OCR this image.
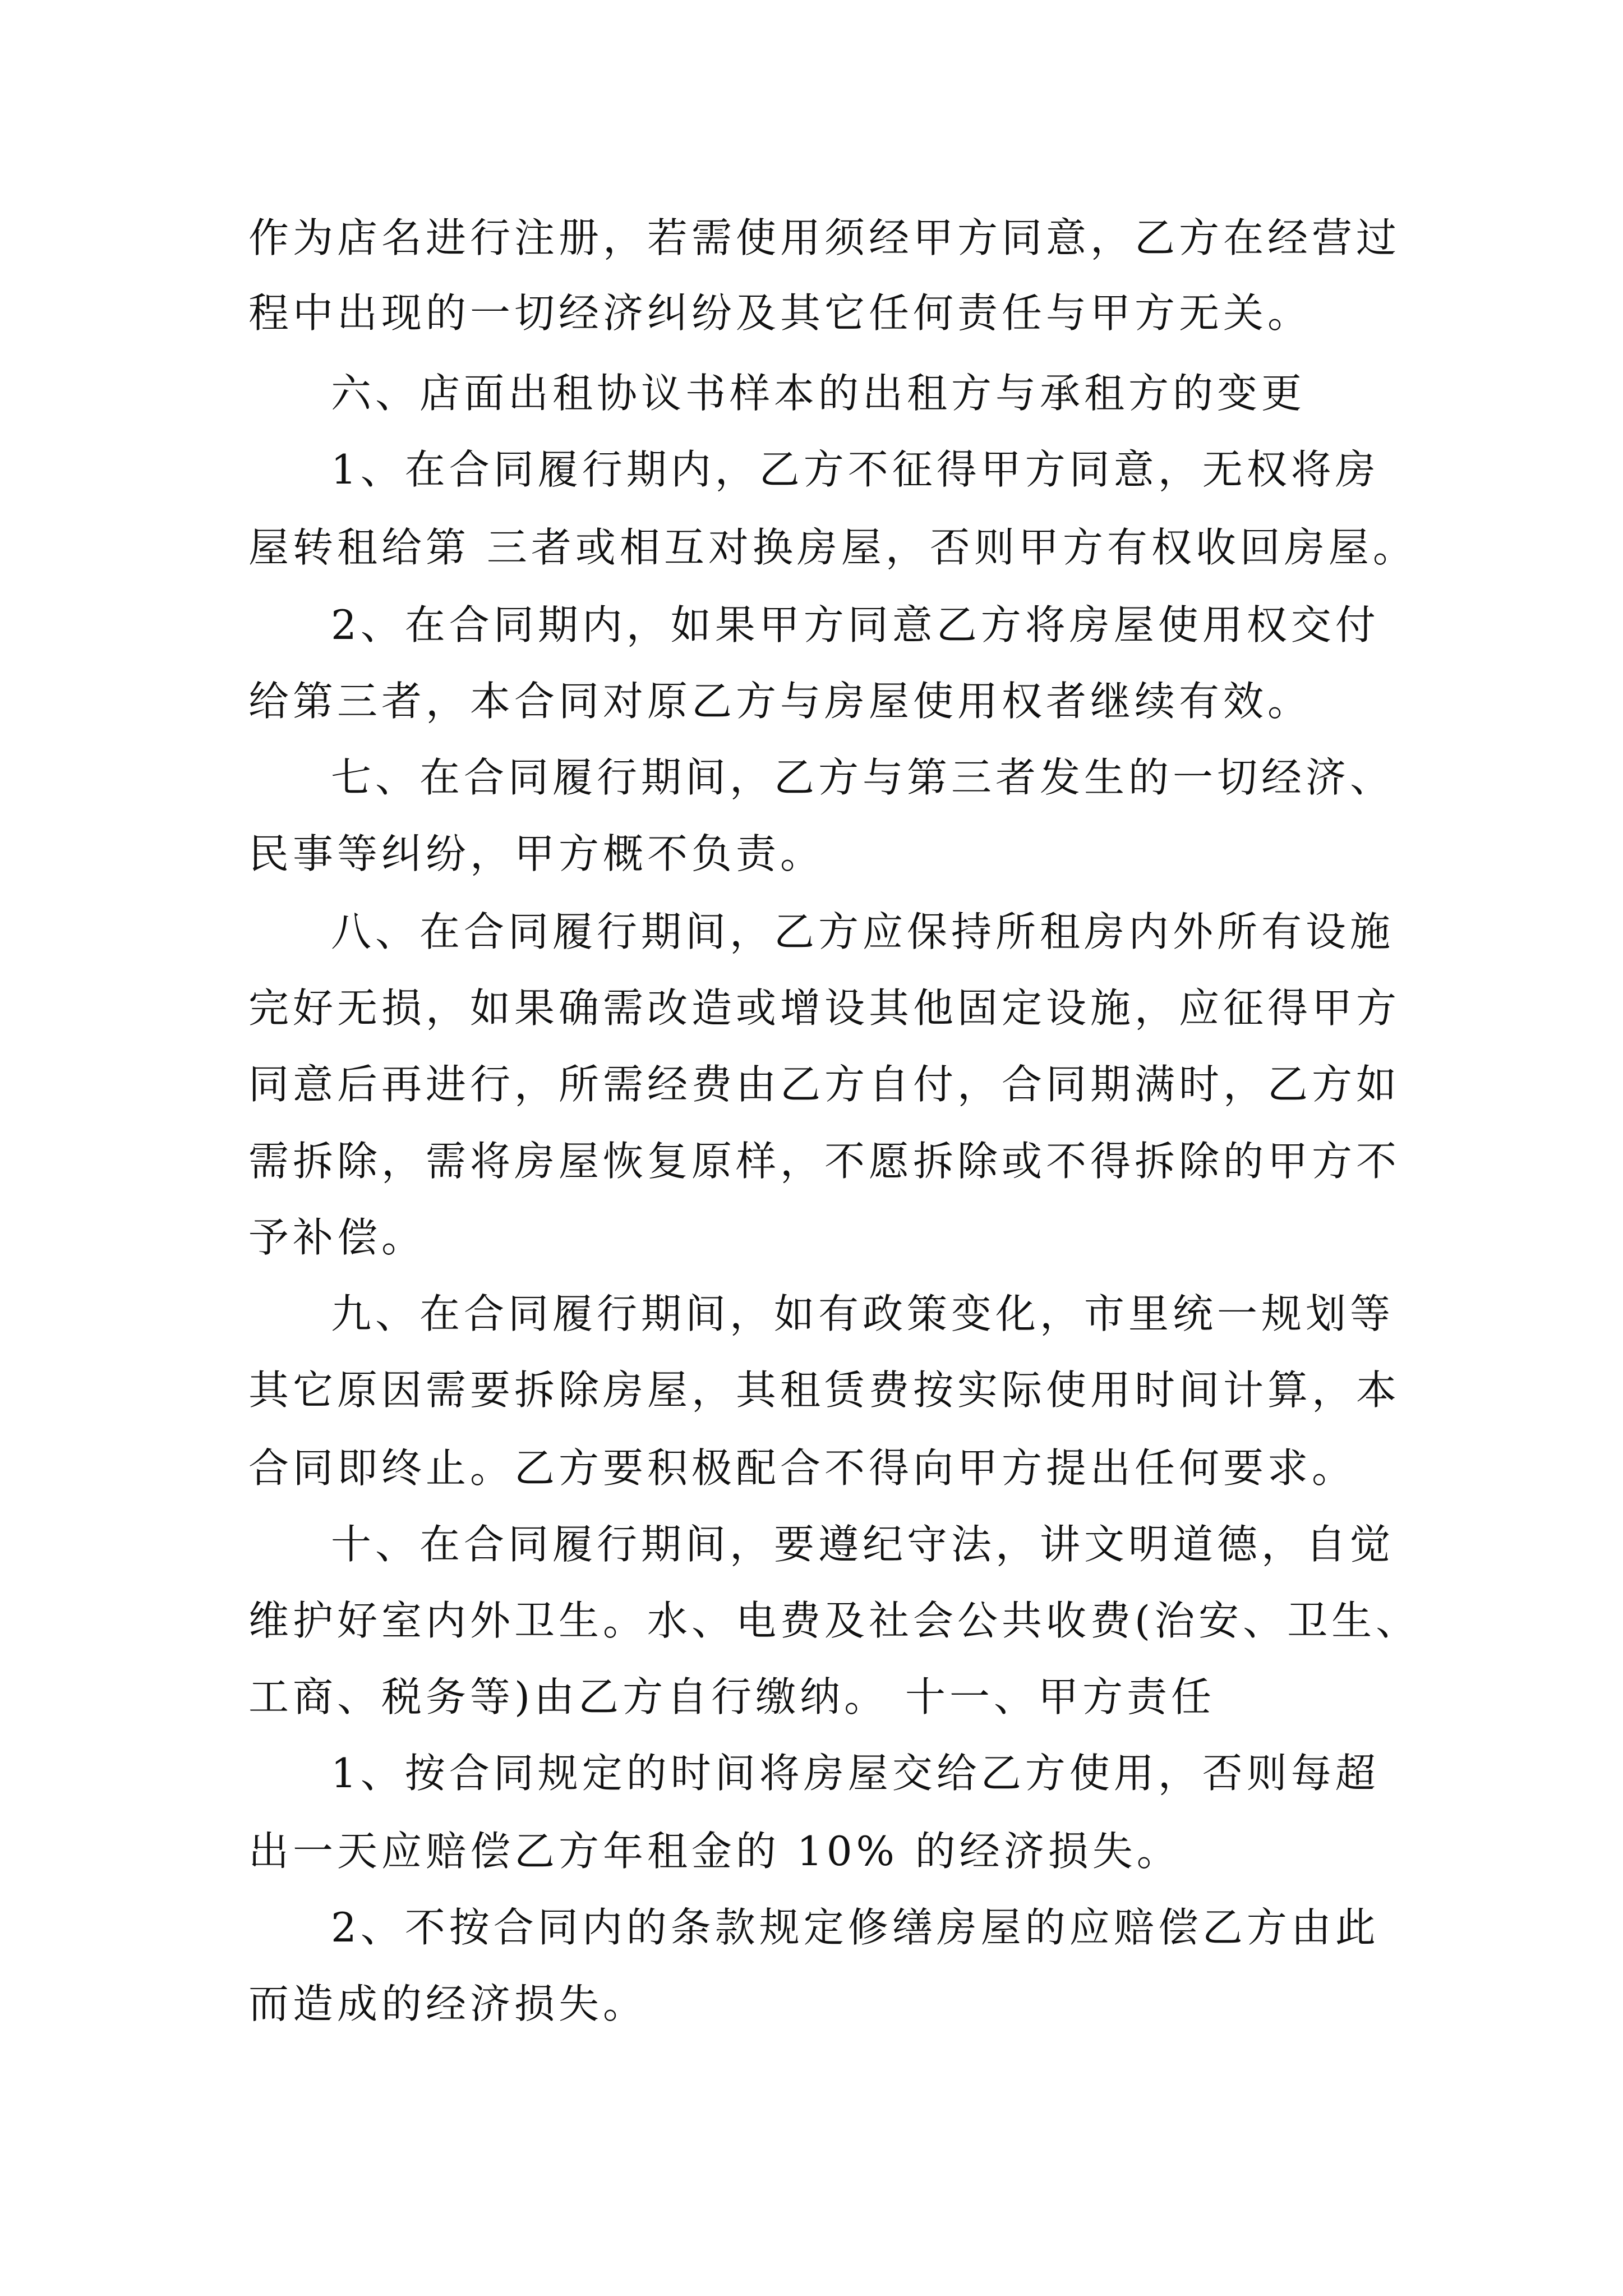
作为店名进行注册，若需使用须经甲方同意，乙方在经营过
程中出现的一切经济纠纷及其它任何责任与甲方无关。
六、店面出租协议书样本的出租方与承租方的变更
1、在合同履行期内，乙方不征得甲方同意，无权将房
屋转租给第 三者或相互对换房屋，否则甲方有权收回房屋。
2、在合同期内，如果甲方同意乙方将房屋使用权交付
给第三者，本合同对原乙方与房屋使用权者继续有效。
七、在合同履行期间，乙方与第三者发生的一切经济、
民事等纠纷，甲方概不负责。
八、在合同履行期间，乙方应保持所租房内外所有设施
完好无损，如果确需改造或增设其他固定设施，应征得甲方
同意后再进行，所需经费由乙方自付，合同期满时，乙方如
需拆除，需将房屋恢复原样，不愿拆除或不得拆除的甲方不
予补偿。
九、在合同履行期间，如有政策变化，市里统一规划等
其它原因需要拆除房屋，其租赁费按实际使用时间计算，本
合同即终止。乙方要积极配合不得向甲方提出任何要求。
十、在合同履行期间，要遵纪守法，讲文明道德，自觉
维护好室内外卫生。水、电费及社会公共收费(治安、卫生、
工商、税务等)由乙方自行缴纳。 十一、甲方责任
1、按合同规定的时间将房屋交给乙方使用，否则每超
出一天应赔偿乙方年租金的 10% 的经济损失。
2、不按合同内的条款规定修缮房屋的应赔偿乙方由此
而造成的经济损失。
